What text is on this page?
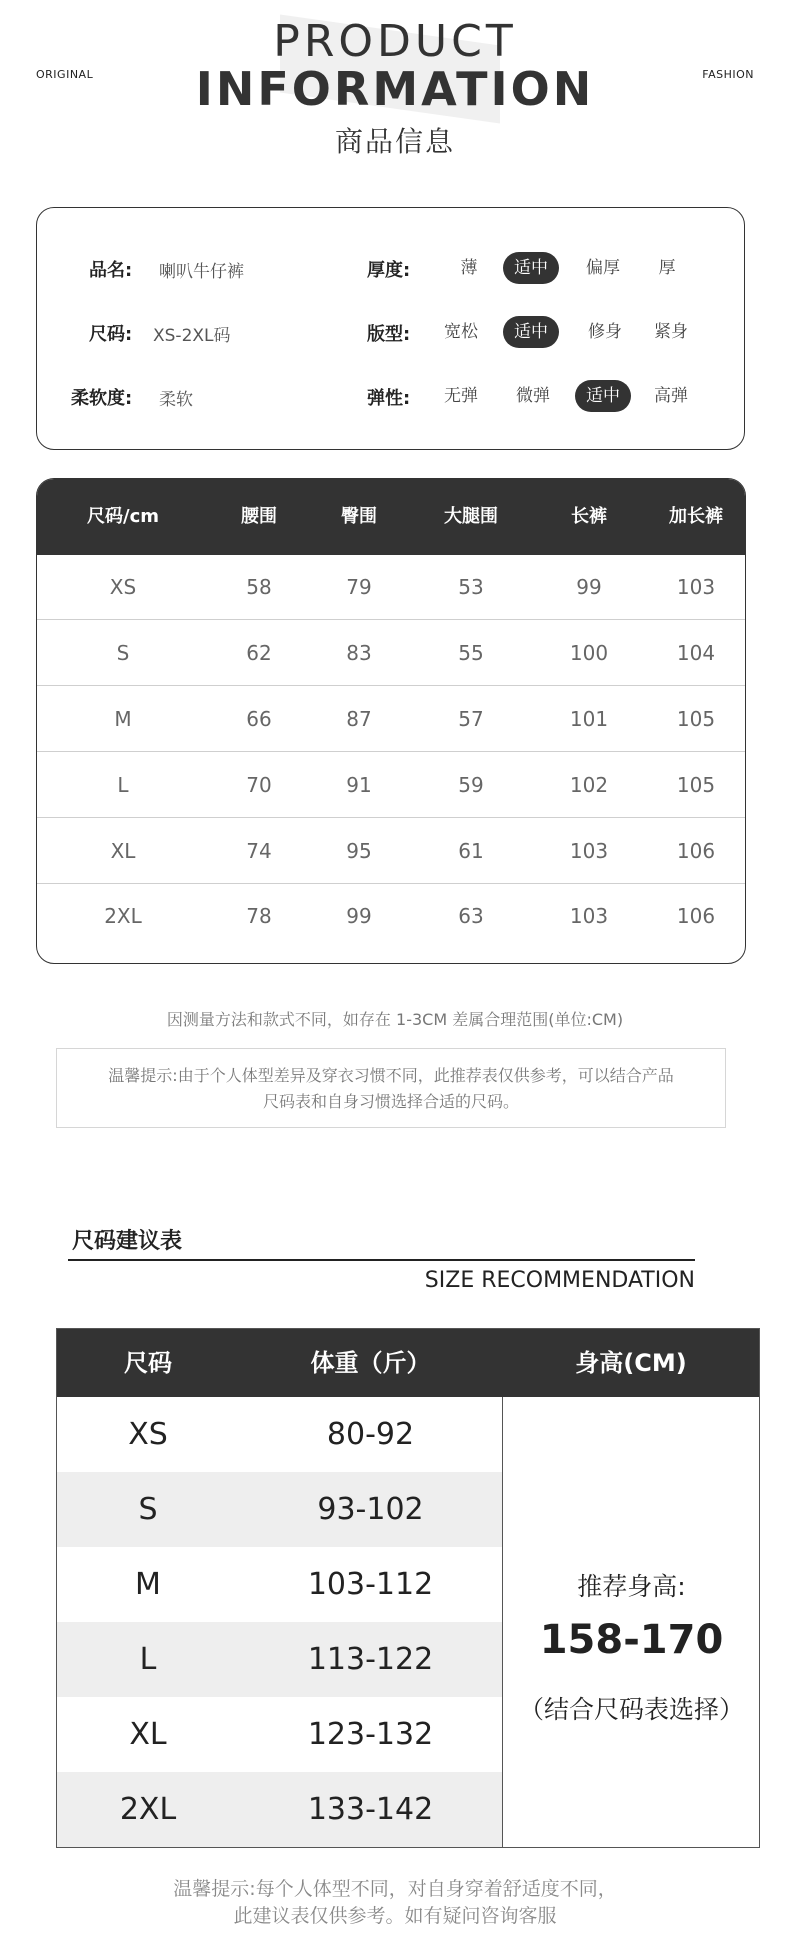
ORIGINAL	FASHION
PRODUCT
INFORMATION
商品信息
品名: 喇叭牛仔裤	厚度:	薄	适中	偏厚	厚
尺码: XS-2XL码	版型:	宽松	适中	修身	紧身
柔软度: 柔软	弹性:	无弹	微弹	适中	高弹
尺码/cm	腰围	臀围	大腿围	长裤	加长裤
XS	58	79	53	99	103
S	62	83	55	100	104
M	66	87	57	101	105
L	70	91	59	102	105
XL	74	95	61	103	106
2XL	78	99	63	103	106
因测量方法和款式不同，如存在 1-3CM 差属合理范围(单位:CM)
温馨提示:由于个人体型差异及穿衣习惯不同，此推荐表仅供参考，可以结合产品
尺码表和自身习惯选择合适的尺码。
尺码建议表
SIZE RECOMMENDATION
尺码	体重（斤）	身高(CM)
XS	80-92
S	93-102
M	103-112
L	113-122
XL	123-132
2XL	133-142
推荐身高:
158-170
（结合尺码表选择）
温馨提示:每个人体型不同，对自身穿着舒适度不同，
此建议表仅供参考。如有疑问咨询客服
